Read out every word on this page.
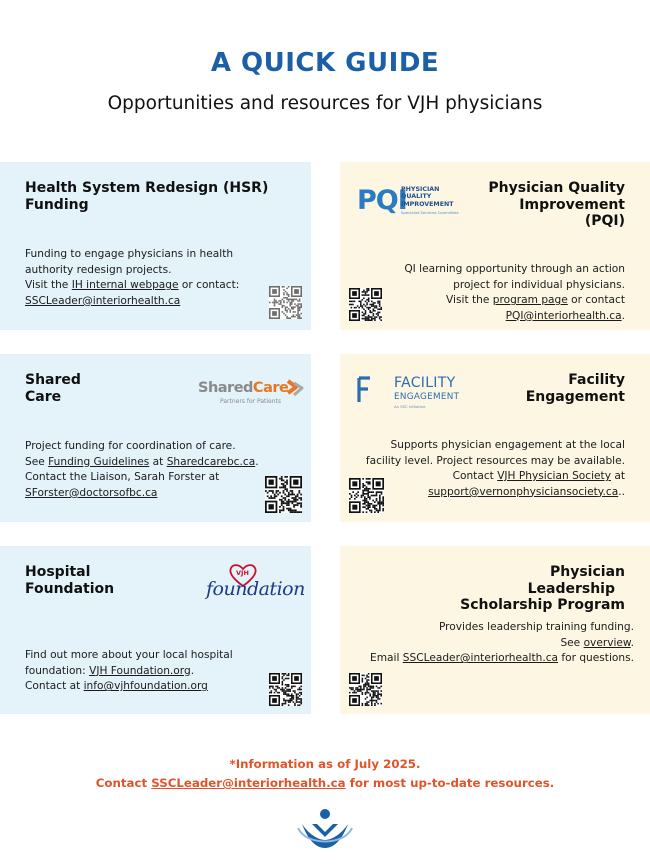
A QUICK GUIDE
Opportunities and resources for VJH physicians
Health System Redesign (HSR)
Funding
Funding to engage physicians in health
authority redesign projects.
Visit the IH internal webpage or contact:
SSCLeader@interiorhealth.ca
PQI
PHYSICIAN
QUALITY
IMPROVEMENT
Specialist Services Committee
Physician Quality
Improvement
(PQI)
QI learning opportunity through an action
project for individual physicians.
Visit the program page or contact
PQI@interiorhealth.ca.
Shared
Care
SharedCare
Partners for Patients
Project funding for coordination of care.
See Funding Guidelines at Sharedcarebc.ca.
Contact the Liaison, Sarah Forster at
SForster@doctorsofbc.ca
FACILITY
ENGAGEMENT
An SSC Initiative
Facility
Engagement
Supports physician engagement at the local
facility level. Project resources may be available.
Contact VJH Physician Society at
support@vernonphysiciansociety.ca..
Hospital
Foundation
VJH
foundation
Find out more about your local hospital
foundation: VJH Foundation.org.
Contact at info@vjhfoundation.org
Physician
Leadership
Scholarship Program
Provides leadership training funding.
See overview.
Email SSCLeader@interiorhealth.ca for questions.
*Information as of July 2025.
Contact SSCLeader@interiorhealth.ca for most up-to-date resources.
